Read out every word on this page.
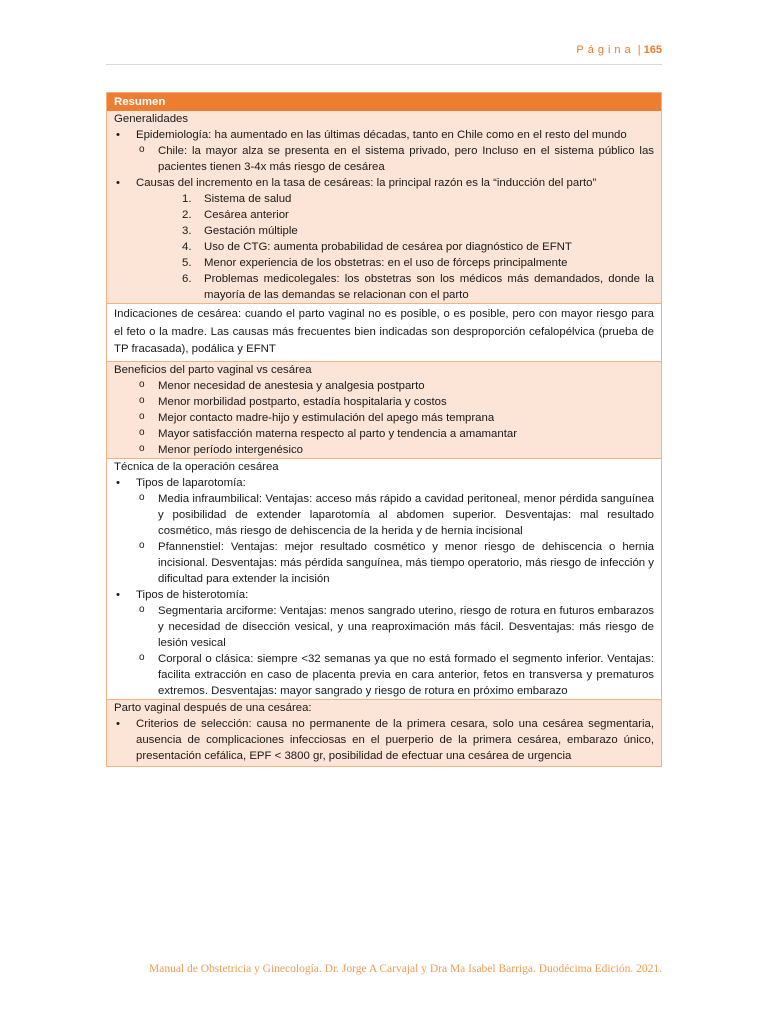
Página | 165
Resumen
Generalidades
• Epidemiología: ha aumentado en las últimas décadas, tanto en Chile como en el resto del mundo
o Chile: la mayor alza se presenta en el sistema privado, pero Incluso en el sistema público las pacientes tienen 3-4x más riesgo de cesárea
• Causas del incremento en la tasa de cesáreas: la principal razón es la “inducción del parto”
1. Sistema de salud
2. Cesárea anterior
3. Gestación múltiple
4. Uso de CTG: aumenta probabilidad de cesárea por diagnóstico de EFNT
5. Menor experiencia de los obstetras: en el uso de fórceps principalmente
6. Problemas medicolegales: los obstetras son los médicos más demandados, donde la mayoría de las demandas se relacionan con el parto
Indicaciones de cesárea: cuando el parto vaginal no es posible, o es posible, pero con mayor riesgo para el feto o la madre. Las causas más frecuentes bien indicadas son desproporción cefalopélvica (prueba de TP fracasada), podálica y EFNT
Beneficios del parto vaginal vs cesárea
o Menor necesidad de anestesia y analgesia postparto
o Menor morbilidad postparto, estadía hospitalaria y costos
o Mejor contacto madre-hijo y estimulación del apego más temprana
o Mayor satisfacción materna respecto al parto y tendencia a amamantar
o Menor período intergenésico
Técnica de la operación cesárea
• Tipos de laparotomía:
o Media infraumbilical: Ventajas: acceso más rápido a cavidad peritoneal, menor pérdida sanguínea y posibilidad de extender laparotomía al abdomen superior. Desventajas: mal resultado cosmético, más riesgo de dehiscencia de la herida y de hernia incisional
o Pfannenstiel: Ventajas: mejor resultado cosmético y menor riesgo de dehiscencia o hernia incisional. Desventajas: más pérdida sanguínea, más tiempo operatorio, más riesgo de infección y dificultad para extender la incisión
• Tipos de histerotomía:
o Segmentaria arciforme: Ventajas: menos sangrado uterino, riesgo de rotura en futuros embarazos y necesidad de disección vesical, y una reaproximación más fácil. Desventajas: más riesgo de lesión vesical
o Corporal o clásica: siempre <32 semanas ya que no está formado el segmento inferior. Ventajas: facilita extracción en caso de placenta previa en cara anterior, fetos en transversa y prematuros extremos. Desventajas: mayor sangrado y riesgo de rotura en próximo embarazo
Parto vaginal después de una cesárea:
• Criterios de selección: causa no permanente de la primera cesara, solo una cesárea segmentaria, ausencia de complicaciones infecciosas en el puerperio de la primera cesárea, embarazo único, presentación cefálica, EPF < 3800 gr, posibilidad de efectuar una cesárea de urgencia
Manual de Obstetricia y Ginecología. Dr. Jorge A Carvajal y Dra Ma Isabel Barriga. Duodécima Edición. 2021.
